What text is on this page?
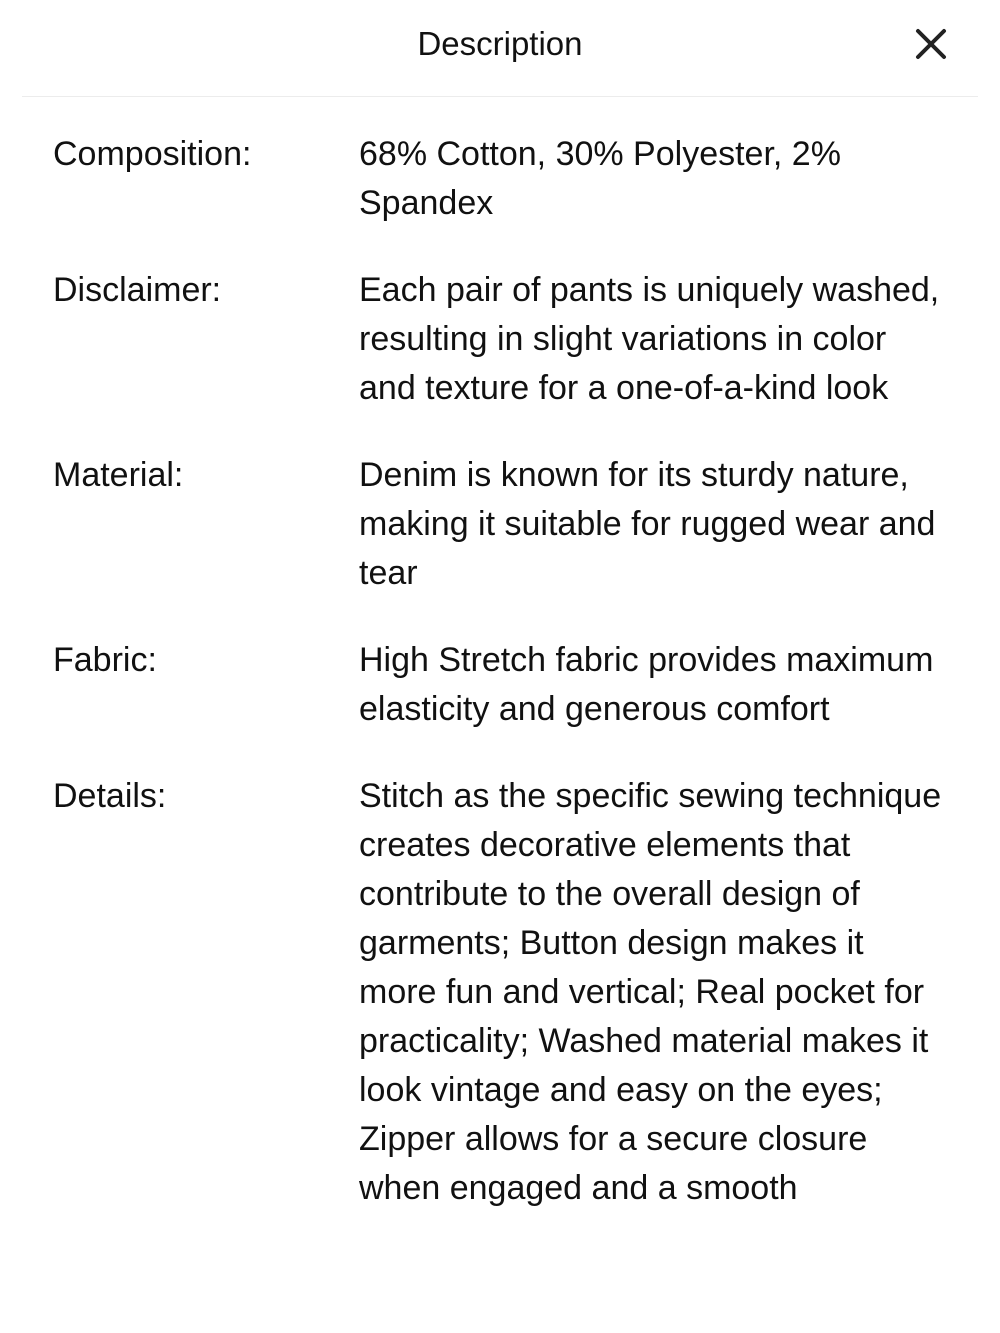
Description
Composition:	68% Cotton, 30% Polyester, 2% Spandex
Disclaimer:	Each pair of pants is uniquely washed, resulting in slight variations in color and texture for a one-of-a-kind look
Material:	Denim is known for its sturdy nature, making it suitable for rugged wear and tear
Fabric:	High Stretch fabric provides maximum elasticity and generous comfort
Details:	Stitch as the specific sewing technique creates decorative elements that contribute to the overall design of garments; Button design makes it more fun and vertical; Real pocket for practicality; Washed material makes it look vintage and easy on the eyes; Zipper allows for a secure closure when engaged and a smooth
